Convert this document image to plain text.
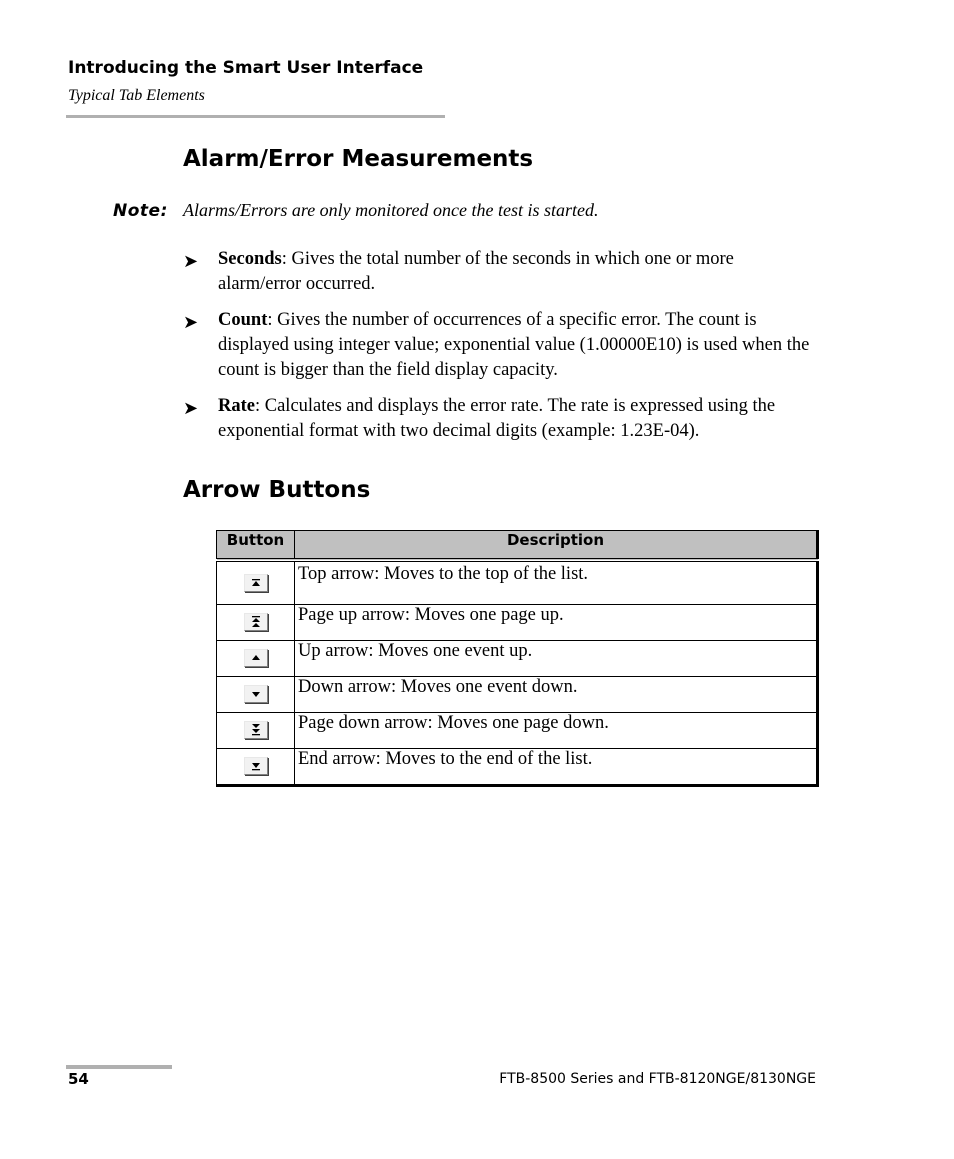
Introducing the Smart User Interface
Typical Tab Elements
Alarm/Error Measurements
Note: Alarms/Errors are only monitored once the test is started.
➤ Seconds: Gives the total number of the seconds in which one or more alarm/error occurred.
➤ Count: Gives the number of occurrences of a specific error. The count is displayed using integer value; exponential value (1.00000E10) is used when the count is bigger than the field display capacity.
➤ Rate: Calculates and displays the error rate. The rate is expressed using the exponential format with two decimal digits (example: 1.23E-04).
Arrow Buttons
Button	Description

	Top arrow: Moves to the top of the list.

	Page up arrow: Moves one page up.

	Up arrow: Moves one event up.

	Down arrow: Moves one event down.

	Page down arrow: Moves one page down.

	End arrow: Moves to the end of the list.
54	FTB-8500 Series and FTB-8120NGE/8130NGE
